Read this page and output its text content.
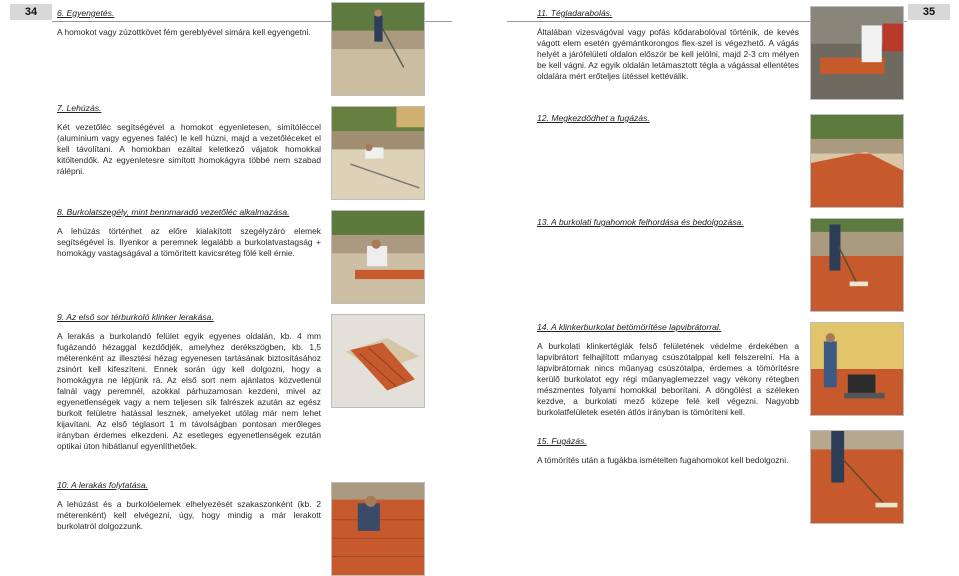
34	35
6. Egyengetés.

A homokot vagy zúzottkövet fém gereblyével simára kell egyengetni.

7. Lehúzás.

Két vezetőléc segítségével a homokot egyenletesen, simítóléccel (alumínium vagy egyenes faléc) le kell húzni, majd a vezetőléceket el kell távolítani. A homokban ezáltal keletkező vájatok homokkal kitöltendők. Az egyenletesre simított homokágyra többé nem szabad rálépni.

8. Burkolatszegély, mint bennmaradó vezetőléc alkalmazása.

A lehúzás történhet az előre kialakított szegélyzáró elemek segítségével is. Ilyenkor a peremnek legalább a burkolatvastagság + homokágy vastagságával a tömörített kavicsréteg fölé kell érnie.

9. Az első sor térburkoló klinker lerakása.

A lerakás a burkolandó felület egyik egyenes oldalán, kb. 4 mm fugázandó hézaggal kezdődjék, amelyhez derékszögben, kb. 1,5 méterenként az illesztési hézag egyenesen tartásának biztosításához zsinórt kell kifeszíteni. Ennek során úgy kell dolgozni, hogy a homokágyra ne lépjünk rá. Az első sort nem ajánlatos közvetlenül falnál vagy peremnél, azokkal párhuzamosan kezdeni, mivel az egyenetlenségek vagy a nem teljesen sík falrészek azután az egész burkolt felületre hatással lesznek, amelyeket utólag már nem lehet kijavítani. Az első téglasort 1 m távolságban pontosan merőleges irányban érdemes elkezdeni. Az esetleges egyenetlenségek ezután optikai úton hibátlanul egyenlíthetőek.

10. A lerakás folytatása.

A lehúzást és a burkolóelemek elhelyezését szakaszonként (kb. 2 méterenként) kell elvégezni, úgy, hogy mindig a már lerakott burkolatról dolgozzunk.

11. Tégladarabolás.

Általában vizesvágóval vagy pofás kődarabolóval történik, de kevés vágott elem esetén gyémántkorongos flex-szel is végezhető. A vágás helyét a járófelületi oldalon először be kell jelölni, majd 2-3 cm mélyen be kell vágni. Az egyik oldalán letámasztott tégla a vágással ellentétes oldalára mért erőteljes ütéssel kettéválik.

12. Megkezdődhet a fugázás.

13. A burkolati fugahomok felhordása és bedolgozása.

14. A klinkerburkolat betömörítése lapvibrátorral.

A burkolati klinkertéglák felső felületének védelme érdekében a lapvibrátort felhajlított műanyag csúszótalppal kell felszerelni. Ha a lapvibrátornak nincs műanyag csúszótalpa, érdemes a tömörítésre kerülő burkolatot egy régi műanyaglemezzel vagy vékony rétegben mészmentes folyami homokkal beborítani. A döngölést a széleken kezdve, a burkolati mező közepe felé kell végezni. Nagyobb burkolatfelületek esetén átlós irányban is tömöríteni kell.

15. Fugázás.

A tömörítés után a fugákba ismételten fugahomokot kell bedolgozni.
